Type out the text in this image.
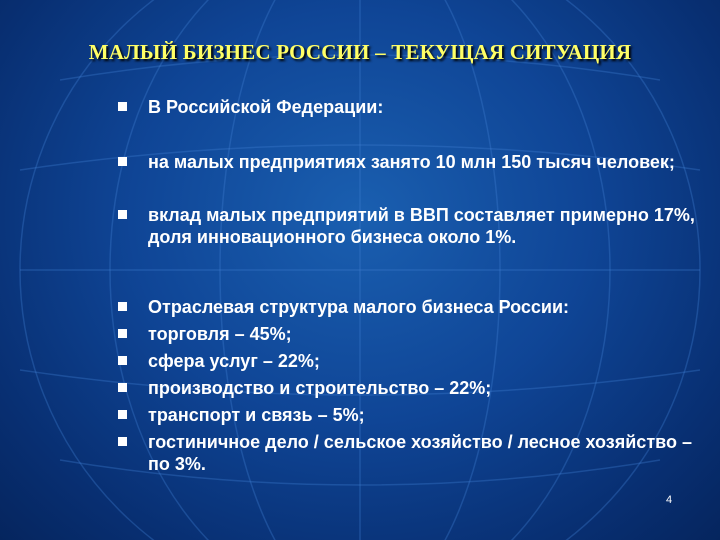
МАЛЫЙ БИЗНЕС РОССИИ – ТЕКУЩАЯ СИТУАЦИЯ
В Российской Федерации:
на малых предприятиях занято 10 млн 150 тысяч человек;
вклад малых предприятий в ВВП составляет примерно 17%, доля инновационного бизнеса около 1%.
Отраслевая структура малого бизнеса России:
торговля – 45%;
сфера услуг – 22%;
производство и строительство – 22%;
транспорт и связь – 5%;
гостиничное дело / сельское хозяйство / лесное хозяйство – по 3%.
4
